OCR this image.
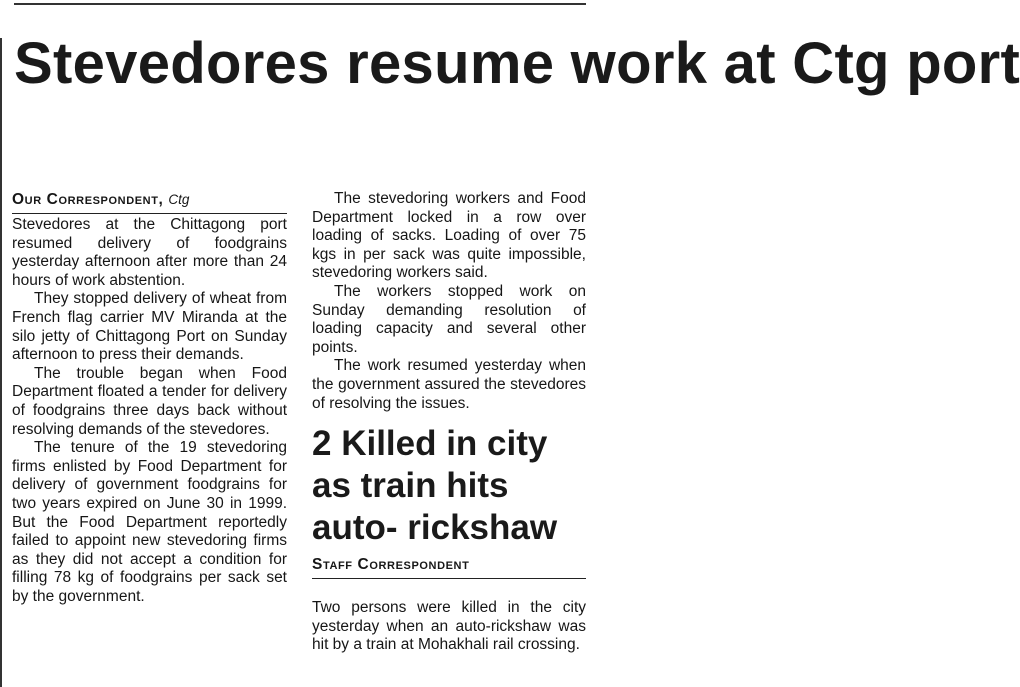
Stevedores resume work at Ctg port
Our Correspondent, Ctg

Stevedores at the Chittagong port resumed delivery of foodgrains yesterday afternoon after more than 24 hours of work abstention.

They stopped delivery of wheat from French flag carrier MV Miranda at the silo jetty of Chittagong Port on Sunday afternoon to press their demands.

The trouble began when Food Department floated a tender for delivery of foodgrains three days back without resolving demands of the stevedores.

The tenure of the 19 stevedoring firms enlisted by Food Department for delivery of government foodgrains for two years expired on June 30 in 1999. But the Food Department reportedly failed to appoint new stevedoring firms as they did not accept a condition for filling 78 kg of foodgrains per sack set by the government.

The stevedoring workers and Food Department locked in a row over loading of sacks. Loading of over 75 kgs in per sack was quite impossible, stevedoring workers said.

The workers stopped work on Sunday demanding resolution of loading capacity and several other points.

The work resumed yesterday when the government assured the stevedores of resolving the issues.

2 Killed in city
as train hits
auto- rickshaw
Staff Correspondent

Two persons were killed in the city yesterday when an auto-rickshaw was hit by a train at Mohakhali rail crossing.
